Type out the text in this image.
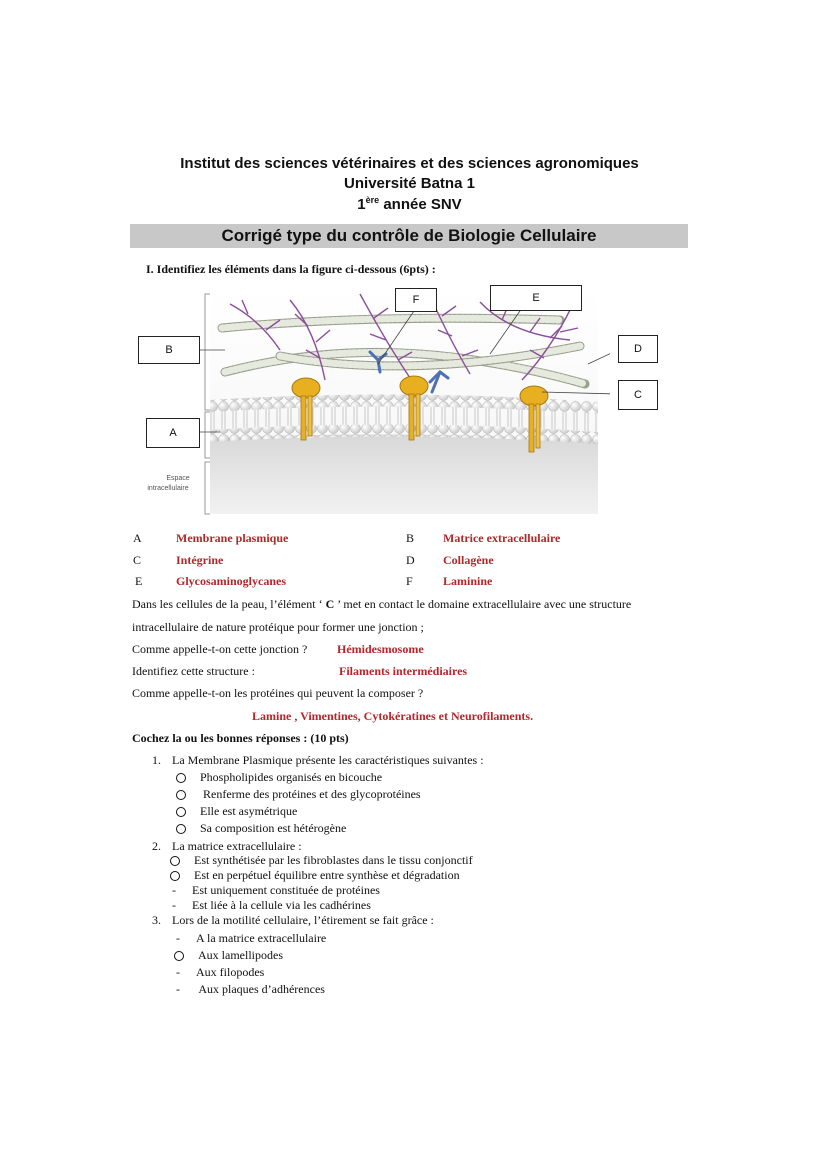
Institut des sciences vétérinaires et des sciences agronomiques
Université Batna 1
1ère année SNV
Corrigé type du contrôle de Biologie Cellulaire
I. Identifiez les éléments dans la figure ci-dessous (6pts) :
Espace
intracellulaire
B
A
F	E
D
C
A	Membrane plasmique	B Matrice extracellulaire
C	Intégrine	D Collagène
E	Glycosaminoglycanes	F	Laminine
Dans les cellules de la peau, l’élément ‘ C ’ met en contact le domaine extracellulaire avec une structure
intracellulaire de nature protéique pour former une jonction ;
Comme appelle-t-on cette jonction ? Hémidesmosome
Identifiez cette structure :	Filaments intermédiaires
Comme appelle-t-on les protéines qui peuvent la composer ?
Lamine , Vimentines, Cytokératines et Neurofilaments.
Cochez la ou les bonnes réponses : (10 pts)
1. La Membrane Plasmique présente les caractéristiques suivantes :
Phospholipides organisés en bicouche
Renferme des protéines et des glycoprotéines
Elle est asymétrique
Sa composition est hétérogène
2. La matrice extracellulaire :
Est synthétisée par les fibroblastes dans le tissu conjonctif
Est en perpétuel équilibre entre synthèse et dégradation
- Est uniquement constituée de protéines
- Est liée à la cellule via les cadhérines
3. Lors de la motilité cellulaire, l’étirement se fait grâce :
- A la matrice extracellulaire
Aux lamellipodes
- Aux filopodes
- Aux plaques d’adhérences
